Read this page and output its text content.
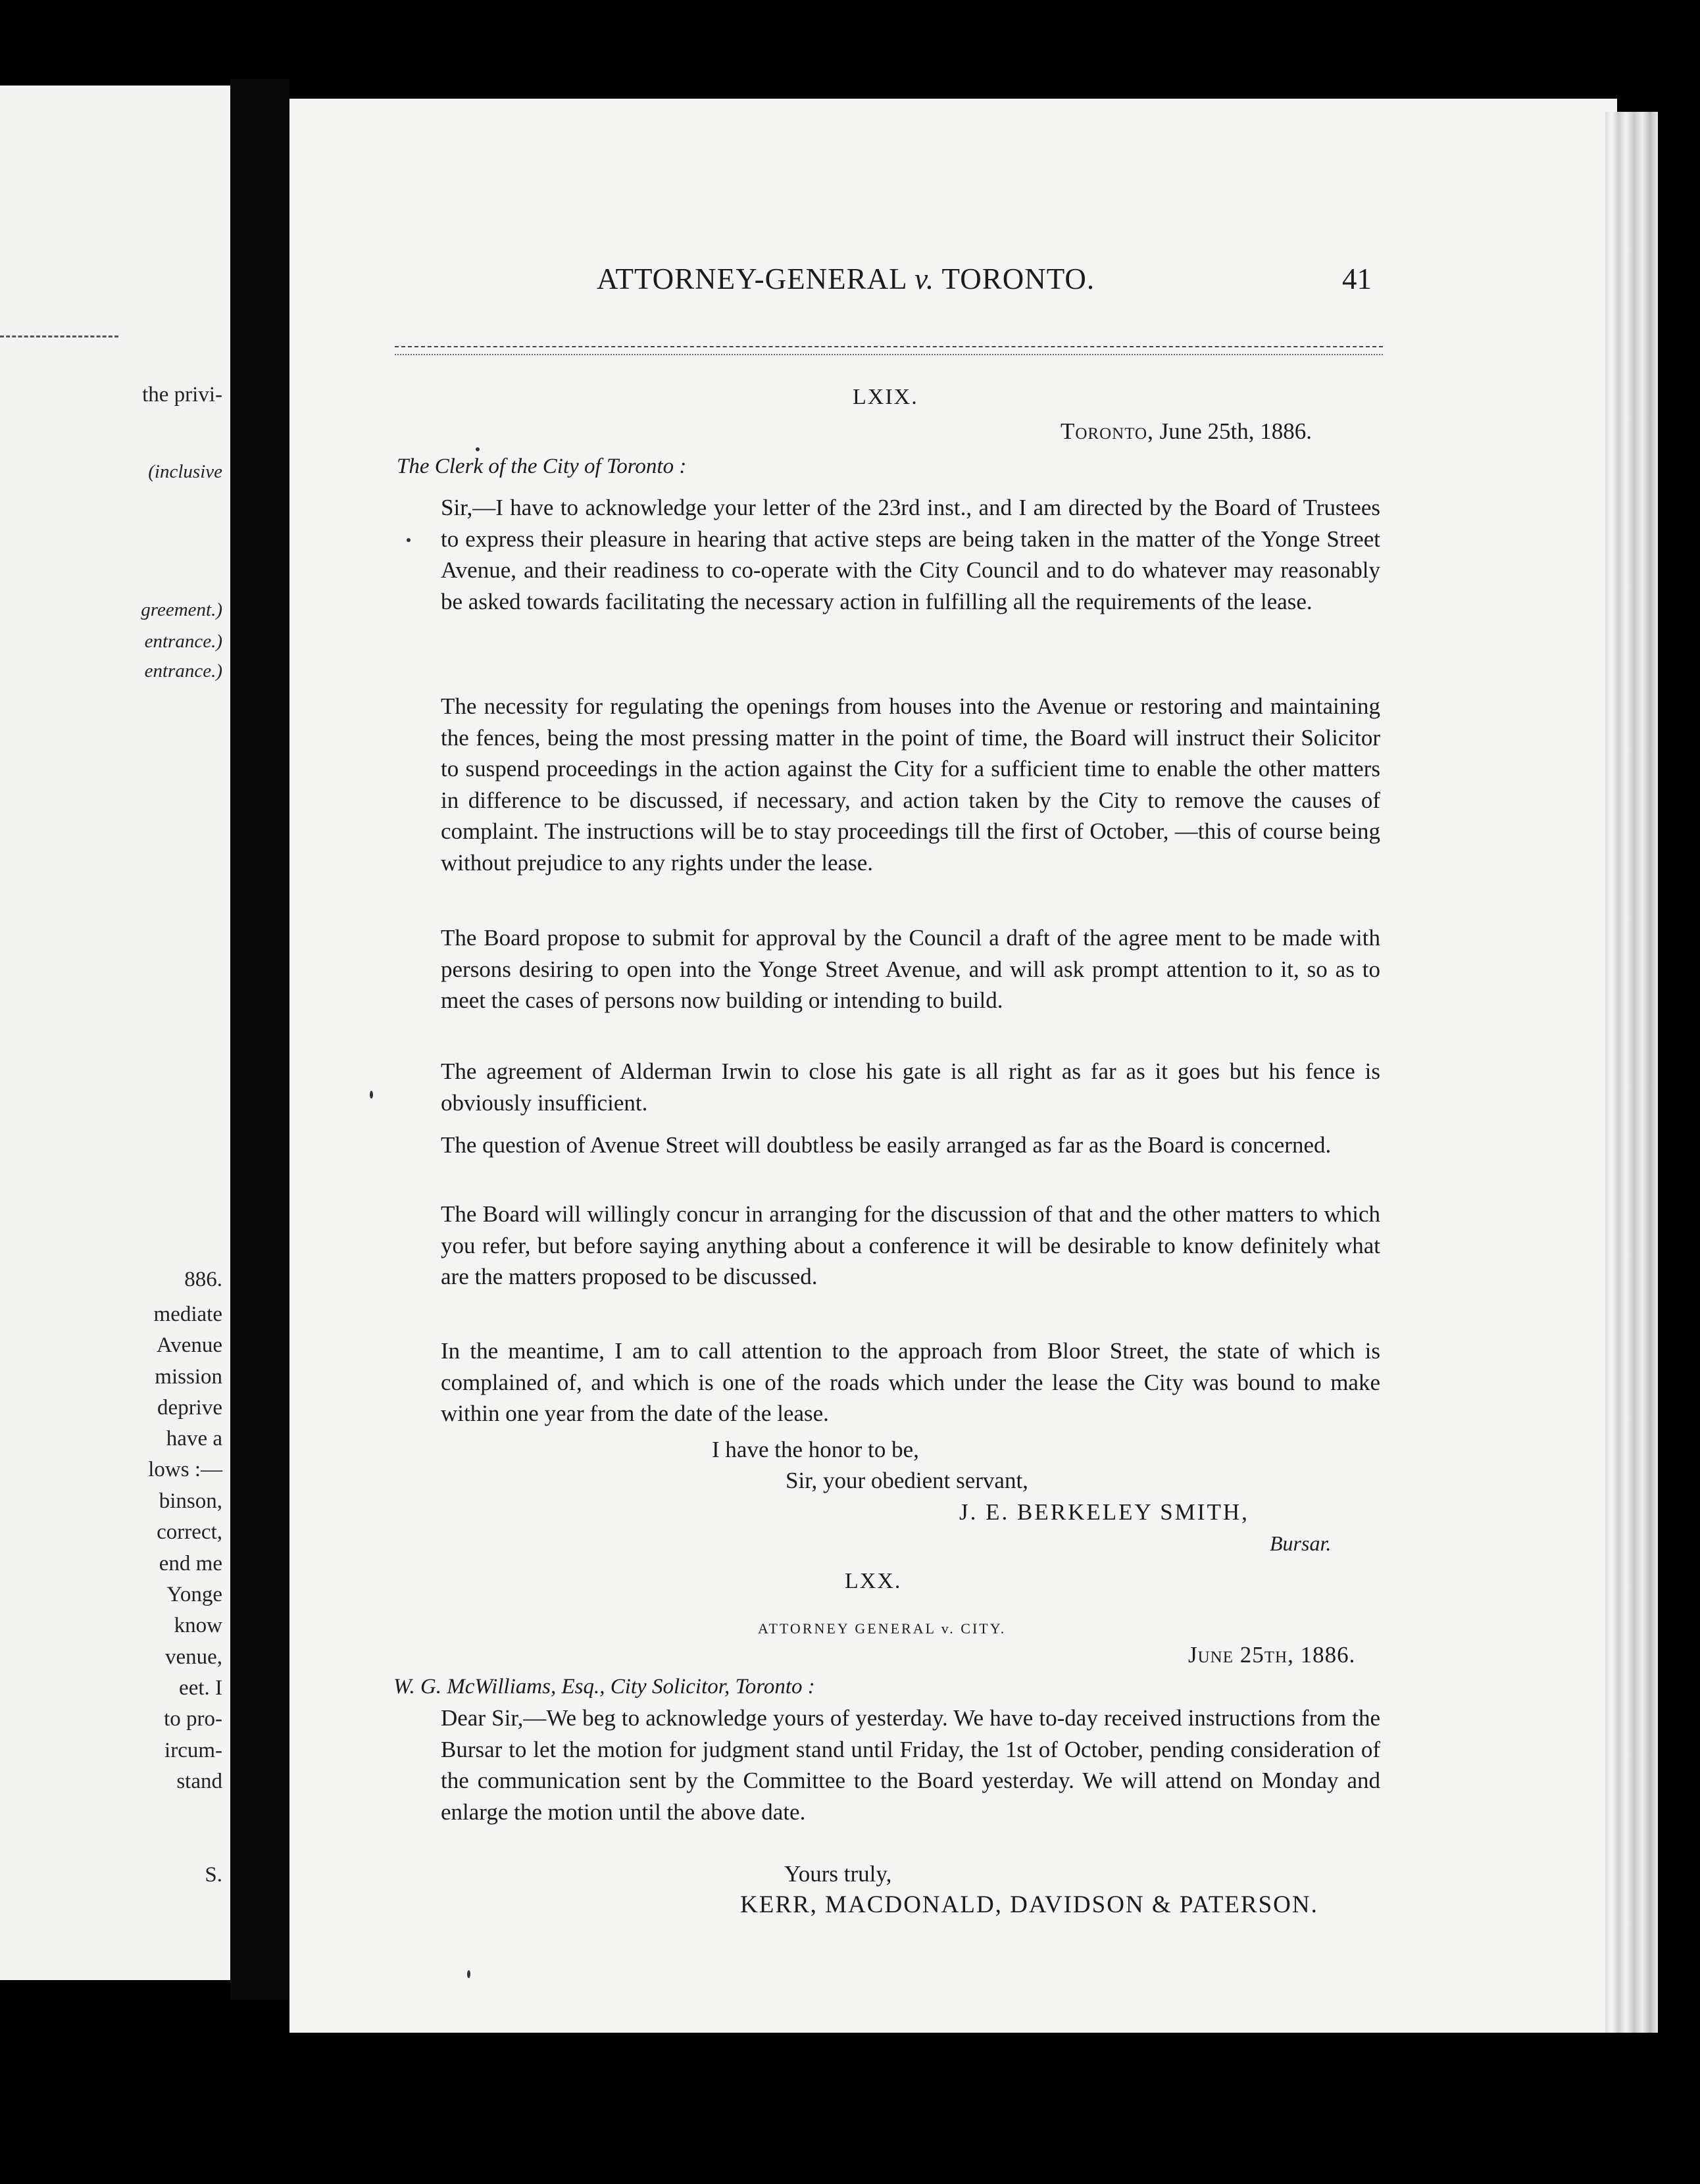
the privi-
(inclusive
greement.)
entrance.)
entrance.)
886.
mediate
Avenue
mission
deprive
have a
lows :—
binson,
correct,
end me
Yonge
know
venue,
eet. I
to pro-
ircum-
stand
S.
ATTORNEY-GENERAL v. TORONTO.	41
LXIX.
Toronto, June 25th, 1886.
The Clerk of the City of Toronto :

Sir,—I have to acknowledge your letter of the 23rd inst., and I am directed by the Board of Trustees to express their pleasure in hearing that active steps are being taken in the matter of the Yonge Street Avenue, and their readiness to co-operate with the City Council and to do whatever may reasonably be asked towards facilitating the necessary action in fulfilling all the requirements of the lease.

The necessity for regulating the openings from houses into the Avenue or restoring and maintaining the fences, being the most pressing matter in the point of time, the Board will instruct their Solicitor to suspend proceedings in the action against the City for a sufficient time to enable the other matters in difference to be discussed, if necessary, and action taken by the City to remove the causes of complaint. The instructions will be to stay proceedings till the first of October, —this of course being without prejudice to any rights under the lease.

The Board propose to submit for approval by the Council a draft of the agree ment to be made with persons desiring to open into the Yonge Street Avenue, and will ask prompt attention to it, so as to meet the cases of persons now building or intending to build.

The agreement of Alderman Irwin to close his gate is all right as far as it goes but his fence is obviously insufficient.

The question of Avenue Street will doubtless be easily arranged as far as the Board is concerned.

The Board will willingly concur in arranging for the discussion of that and the other matters to which you refer, but before saying anything about a conference it will be desirable to know definitely what are the matters proposed to be discussed.

In the meantime, I am to call attention to the approach from Bloor Street, the state of which is complained of, and which is one of the roads which under the lease the City was bound to make within one year from the date of the lease.

I have the honor to be,
Sir, your obedient servant,
J. E. BERKELEY SMITH,
Bursar.
LXX.
ATTORNEY GENERAL v. CITY.
June 25th, 1886.
W. G. McWilliams, Esq., City Solicitor, Toronto :

Dear Sir,—We beg to acknowledge yours of yesterday. We have to-day received instructions from the Bursar to let the motion for judgment stand until Friday, the 1st of October, pending consideration of the communication sent by the Committee to the Board yesterday. We will attend on Monday and enlarge the motion until the above date.

Yours truly,
KERR, MACDONALD, DAVIDSON & PATERSON.
